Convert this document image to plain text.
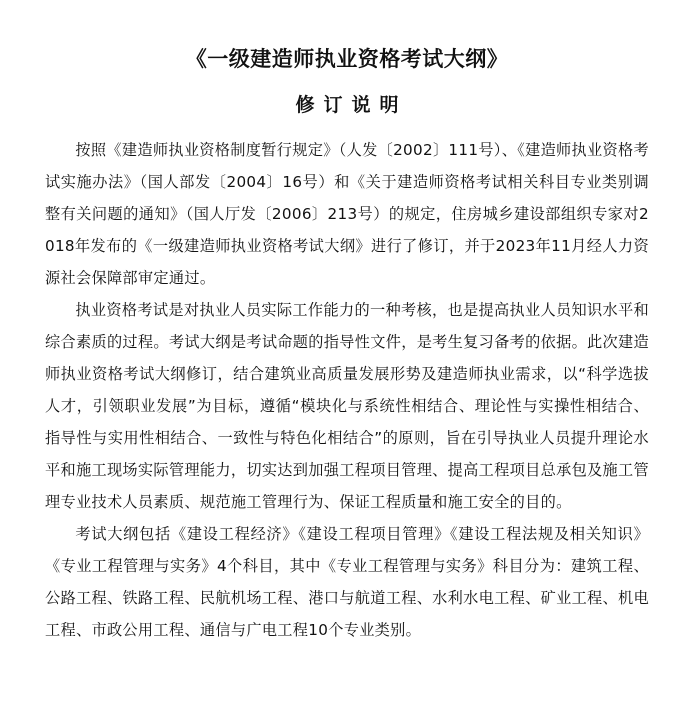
《一级建造师执业资格考试大纲》
修订说明

按照《建造师执业资格制度暂行规定》（人发〔2002〕111号）、《建造师执业资格考试实施办法》（国人部发〔2004〕16号）和《关于建造师资格考试相关科目专业类别调整有关问题的通知》（国人厅发〔2006〕213号）的规定，住房城乡建设部组织专家对2018年发布的《一级建造师执业资格考试大纲》进行了修订，并于2023年11月经人力资源社会保障部审定通过。

执业资格考试是对执业人员实际工作能力的一种考核，也是提高执业人员知识水平和综合素质的过程。考试大纲是考试命题的指导性文件，是考生复习备考的依据。此次建造师执业资格考试大纲修订，结合建筑业高质量发展形势及建造师执业需求，以“科学选拔人才，引领职业发展”为目标，遵循“模块化与系统性相结合、理论性与实操性相结合、指导性与实用性相结合、一致性与特色化相结合”的原则，旨在引导执业人员提升理论水平和施工现场实际管理能力，切实达到加强工程项目管理、提高工程项目总承包及施工管理专业技术人员素质、规范施工管理行为、保证工程质量和施工安全的目的。

考试大纲包括《建设工程经济》《建设工程项目管理》《建设工程法规及相关知识》《专业工程管理与实务》4个科目，其中《专业工程管理与实务》科目分为：建筑工程、公路工程、铁路工程、民航机场工程、港口与航道工程、水利水电工程、矿业工程、机电工程、市政公用工程、通信与广电工程10个专业类别。
